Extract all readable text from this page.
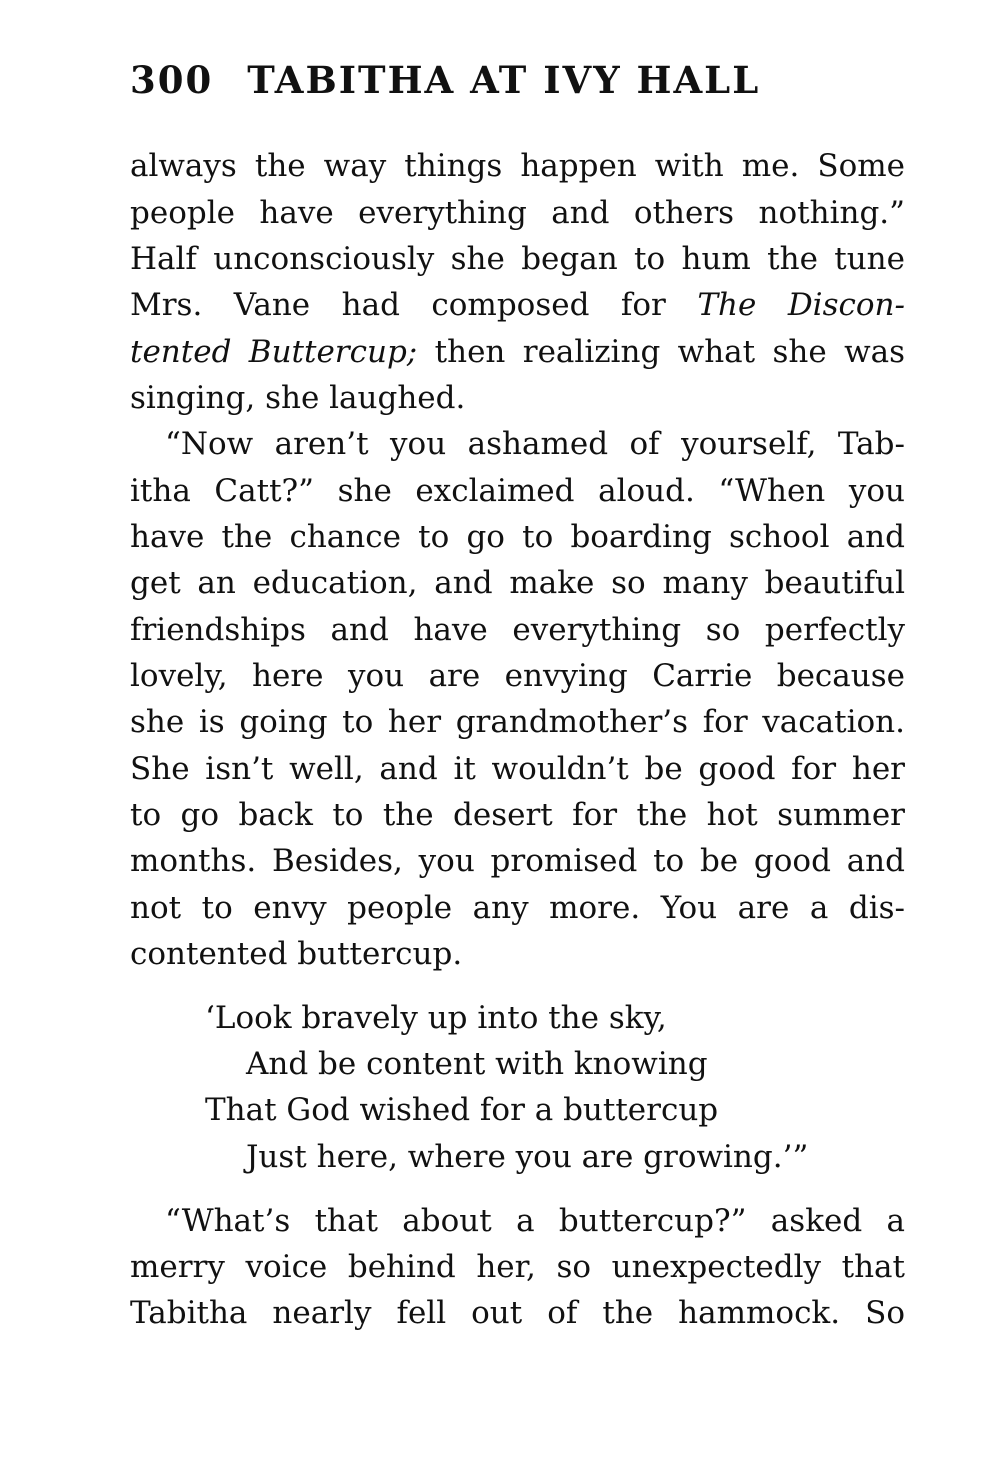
300 TABITHA AT IVY HALL
always the way things happen with me. Some
people have everything and others nothing.”
Half unconsciously she began to hum the tune
Mrs. Vane had composed for The Discon-
tented Buttercup; then realizing what she was
singing, she laughed.
“Now aren’t you ashamed of yourself, Tab-
itha Catt?” she exclaimed aloud. “When you
have the chance to go to boarding school and
get an education, and make so many beautiful
friendships and have everything so perfectly
lovely, here you are envying Carrie because
she is going to her grandmother’s for vacation.
She isn’t well, and it wouldn’t be good for her
to go back to the desert for the hot summer
months. Besides, you promised to be good and
not to envy people any more. You are a dis-
contented buttercup.
‘Look bravely up into the sky,
And be content with knowing
That God wished for a buttercup
Just here, where you are growing.’”
“What’s that about a buttercup?” asked a
merry voice behind her, so unexpectedly that
Tabitha nearly fell out of the hammock. So
